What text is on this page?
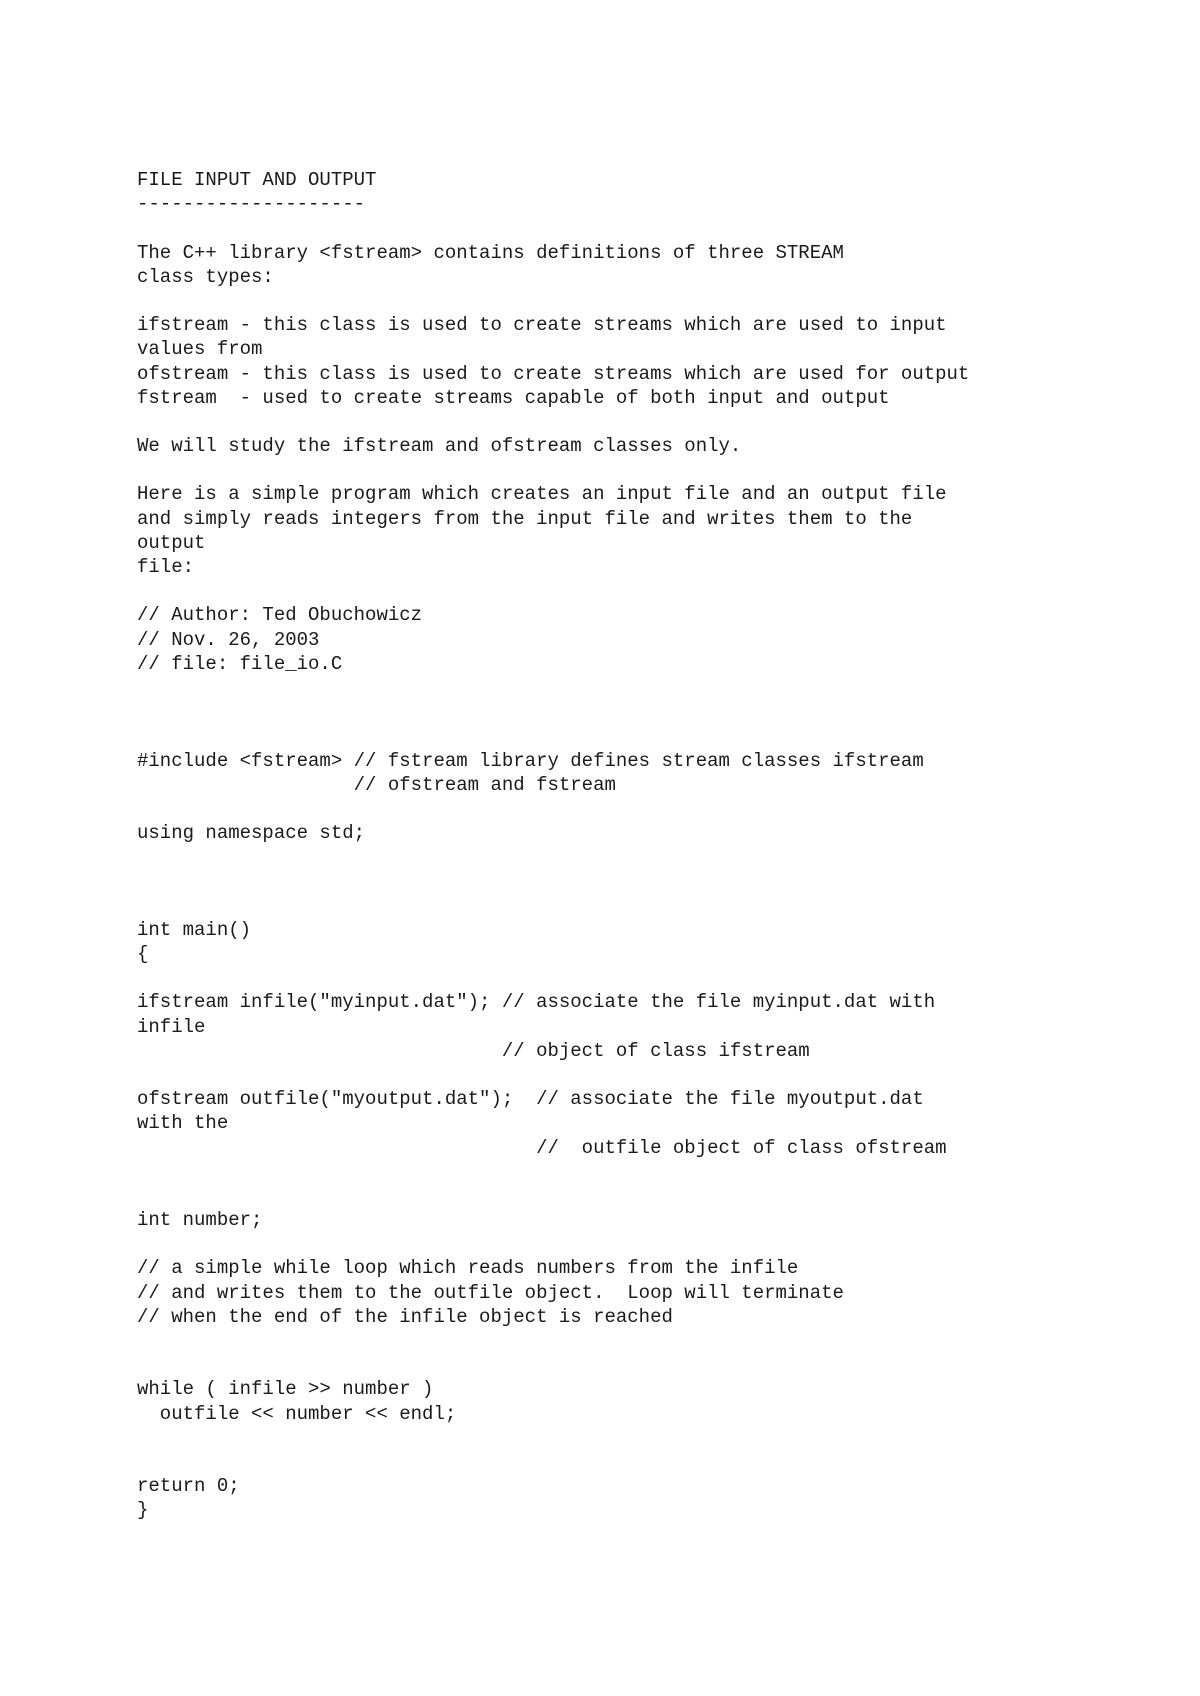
FILE INPUT AND OUTPUT
--------------------
The C++ library <fstream> contains definitions of three STREAM
class types:
ifstream - this class is used to create streams which are used to input
values from
ofstream - this class is used to create streams which are used for output
fstream  - used to create streams capable of both input and output
We will study the ifstream and ofstream classes only.
Here is a simple program which creates an input file and an output file
and simply reads integers from the input file and writes them to the
output
file:
// Author: Ted Obuchowicz
// Nov. 26, 2003
// file: file_io.C
#include <fstream> // fstream library defines stream classes ifstream
// ofstream and fstream
using namespace std;
int main()
{
ifstream infile("myinput.dat"); // associate the file myinput.dat with
infile
// object of class ifstream
ofstream outfile("myoutput.dat");  // associate the file myoutput.dat
with the
//  outfile object of class ofstream
int number;
// a simple while loop which reads numbers from the infile
// and writes them to the outfile object.  Loop will terminate
// when the end of the infile object is reached
while ( infile >> number )
outfile << number << endl;
return 0;
}
